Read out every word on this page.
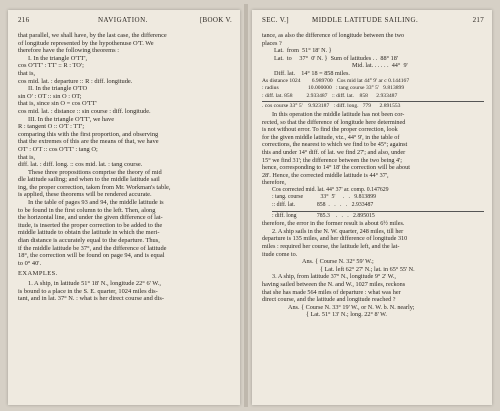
216	NAVIGATION.	[BOOK V.

that parallel, we shall have, by the last case, the difference

of longitude represented by the hypothenuse O'T. We

therefore have the following theorems :

I. In the triangle O'TT',

cos O'TT' : TT' :: R : TO';

that is,

cos mid. lat. : departure :: R : diff. longitude.

II. In the triangle O'TO

sin O' : OT :: sin O : OT;

that is, since sin O = cos O'TT'

cos mid. lat. : distance :: sin course : diff. longitude.

III. In the triangle O'TT', we have

R : tangent O :: O'T : TT';

comparing this with the first proportion, and observing

that the extremes of this are the means of that, we have

OT' : O'T :: cos O'TT' : tang O;

that is,

diff. lat. : diff. long. :: cos mid. lat. : tang course.

These three propositions comprise the theory of mid

dle latitude sailing; and when to the middle latitude sail

ing, the proper correction, taken from Mr. Workman's table,

is applied, these theorems will be rendered accurate.

In the table of pages 93 and 94, the middle latitude is

to be found in the first column to the left. Then, along

the horizontal line, and under the given difference of lat-

itude, is inserted the proper correction to be added to the

middle latitude to obtain the latitude in which the meri-

dian distance is accurately equal to the departure. Thus,

if the middle latitude be 37°, and the difference of latitude

18°, the correction will be found on page 94, and is equal

to 0° 40'.

EXAMPLES.

1. A ship, in latitude 51° 18' N., longitude 22° 6' W.,

is bound to a place in the S. E. quarter, 1024 miles dis-

tant, and in lat. 37° N. : what is her direct course and dis-

SEC. V.]	MIDDLE LATITUDE SAILING.	217

tance, as also the difference of longitude between the two

places ?

Lat.  from  51° 18' N. }

Lat.  to     37°  0' N. }  Sum of latitudes . .  88° 18'

Mid. lat. . . . . .  44°  9'

Diff. lat.    14° 18 = 858 miles.

As distance 1024        6.989700   Cos mid lat 44° 9' ar c 0.144167

: radius                     10.000000   : tang course 33° 5'   9.813899

: diff. lat. 858          2.933487   :: diff. lat.    858      2.933487

. cos course 33° 5'    9.923187   : diff. long.   779      2.891553

In this operation the middle latitude has not been cor-

rected, so that the difference of longitude here determined

is not without error. To find the proper correction, look

for the given middle latitude, viz., 44° 9', in the table of

corrections, the nearest to which we find to be 45°; against

this and under 14° diff. of lat. we find 27'; and also, under

15° we find 31'; the difference between the two being 4';

hence, corresponding to 14° 18' the correction will be about

28'. Hence, the corrected middle latitude is 44° 37',

therefore,

Cos corrected mid. lat. 44° 37' ar. comp. 0.147629

: tang. course            33°  5'     .   .   9.813899

:: diff. lat.               858  .   .   .   .   2.933487

: diff. long              785.3    .   .   .   2.895015

therefore, the error in the former result is about 6½ miles.

2. A ship sails in the N. W. quarter, 248 miles, till her

departure is 135 miles, and her difference of longitude 310

miles : required her course, the latitude left, and the lat-

itude come to.

Ans. { Course N. 32° 59' W.;

{ Lat. left 62° 27' N.; lat. in 65° 55' N.

3. A ship, from latitude 37° N., longitude 9° 2' W.,

having sailed between the N. and W., 1027 miles, reckons

that she has made 564 miles of departure : what was her

direct course, and the latitude and longitude reached ?

Ans. { Course N. 33° 19' W., or N. W. b. N. nearly;

{ Lat. 51° 13' N.; long. 22° 8' W.
